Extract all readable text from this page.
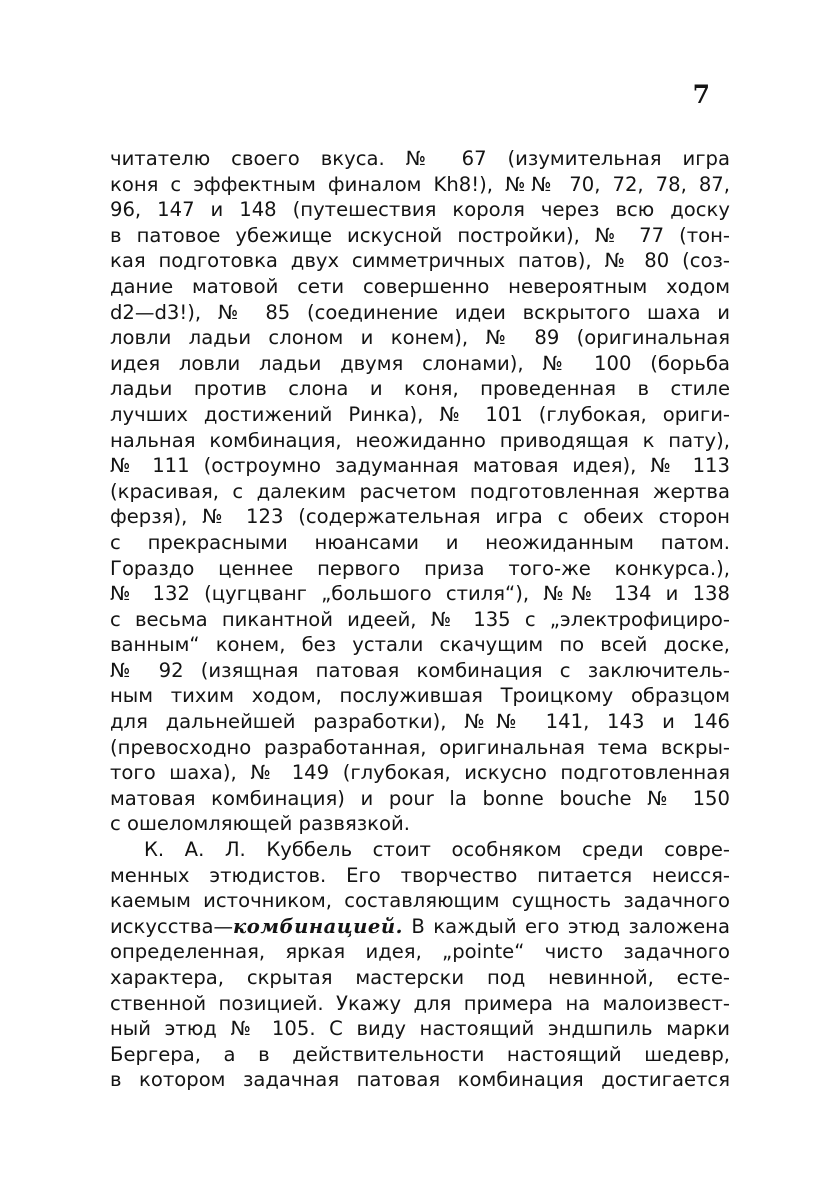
7
читателю своего вкуса. № 67 (изумительная игра
коня с эффектным финалом Kh8!), №№ 70, 72, 78, 87,
96, 147 и 148 (путешествия короля через всю доску
в патовое убежище искусной постройки), № 77 (тон-
кая подготовка двух симметричных патов), № 80 (соз-
дание матовой сети совершенно невероятным ходом
d2—d3!), № 85 (соединение идеи вскрытого шаха и
ловли ладьи слоном и конем), № 89 (оригинальная
идея ловли ладьи двумя слонами), № 100 (борьба
ладьи против слона и коня, проведенная в стиле
лучших достижений Ринка), № 101 (глубокая, ориги-
нальная комбинация, неожиданно приводящая к пату),
№ 111 (остроумно задуманная матовая идея), № 113
(красивая, с далеким расчетом подготовленная жертва
ферзя), № 123 (содержательная игра с обеих сторон
с прекрасными нюансами и неожиданным патом.
Гораздо ценнее первого приза того-же конкурса.),
№ 132 (цугцванг „большого стиля“), №№ 134 и 138
с весьма пикантной идеей, № 135 с „электрофициро-
ванным“ конем, без устали скачущим по всей доске,
№ 92 (изящная патовая комбинация с заключитель-
ным тихим ходом, послужившая Троицкому образцом
для дальнейшей разработки), №№ 141, 143 и 146
(превосходно разработанная, оригинальная тема вскры-
того шаха), № 149 (глубокая, искусно подготовленная
матовая комбинация) и pour la bonne bouche № 150
с ошеломляющей развязкой.
К. А. Л. Куббель стоит особняком среди совре-
менных этюдистов. Его творчество питается неисся-
каемым источником, составляющим сущность задачного
искусства—комбинацией. В каждый его этюд заложена
определенная, яркая идея, „pointe“ чисто задачного
характера, скрытая мастерски под невинной, есте-
ственной позицией. Укажу для примера на малоизвест-
ный этюд № 105. С виду настоящий эндшпиль марки
Бергера, а в действительности настоящий шедевр,
в котором задачная патовая комбинация достигается
